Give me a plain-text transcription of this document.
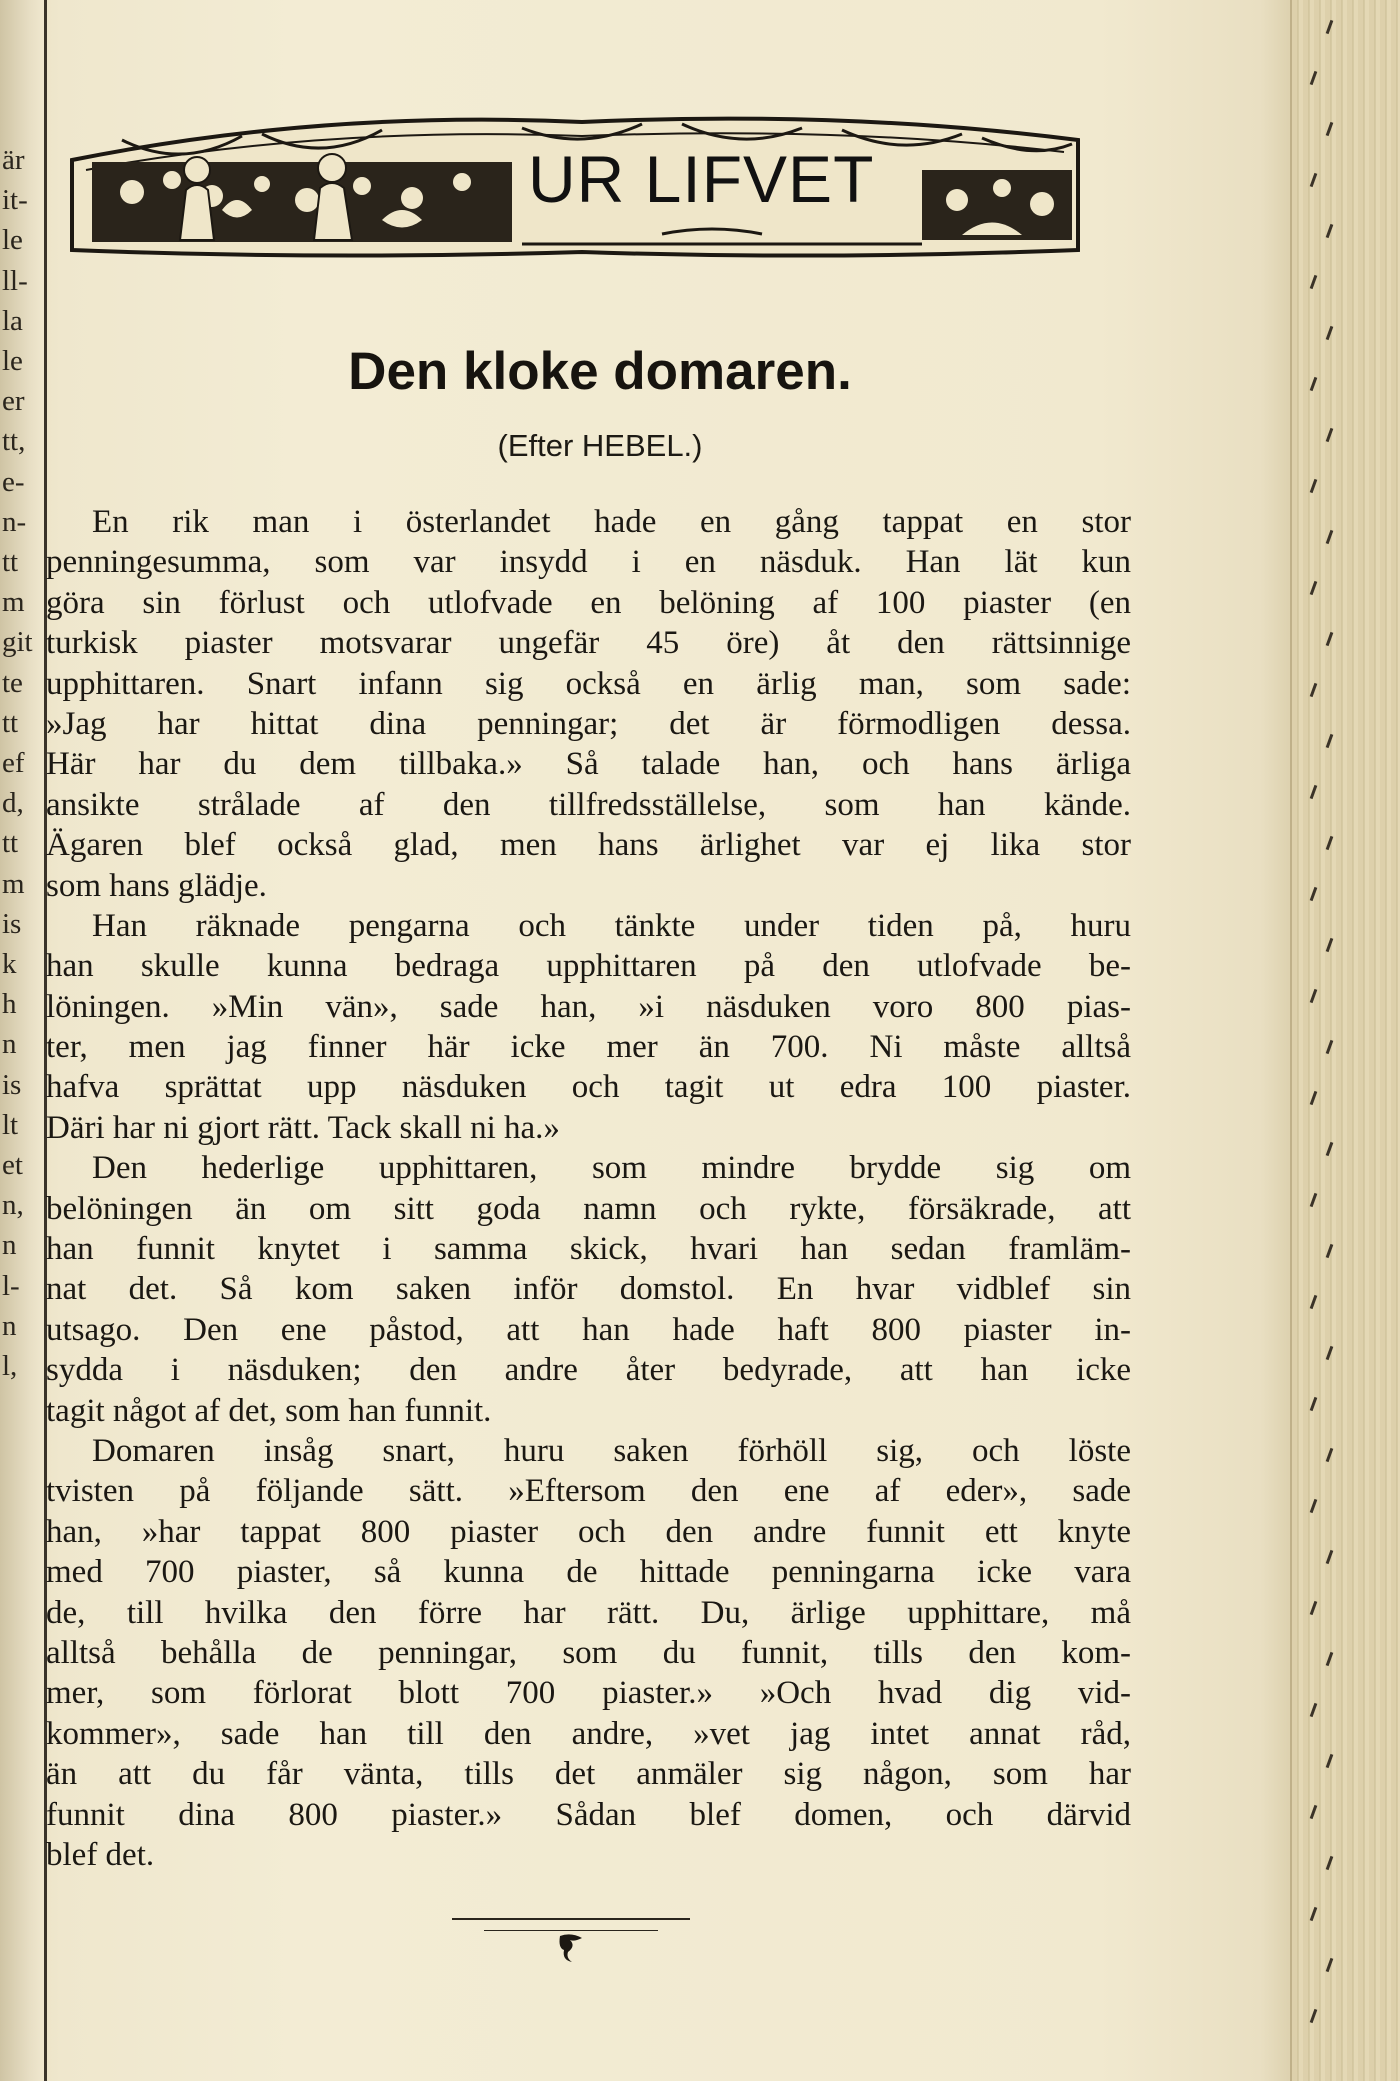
är
it-
le
ll-
la
le
er
tt,
e-
n-
tt
m
git
te
tt
ef
d,
tt
m
is
k
h
n
is
lt
et
n,
n
l-
n
l,
UR LIFVET
Den kloke domaren.
(Efter HEBEL.)
En rik man i österlandet hade en gång tappat en stor
penningesumma, som var insydd i en näsduk. Han lät kun
göra sin förlust och utlofvade en belöning af 100 piaster (en
turkisk piaster motsvarar ungefär 45 öre) åt den rättsinnige
upphittaren. Snart infann sig också en ärlig man, som sade:
»Jag har hittat dina penningar; det är förmodligen dessa.
Här har du dem tillbaka.» Så talade han, och hans ärliga
ansikte strålade af den tillfredsställelse, som han kände.
Ägaren blef också glad, men hans ärlighet var ej lika stor
som hans glädje.
Han räknade pengarna och tänkte under tiden på, huru
han skulle kunna bedraga upphittaren på den utlofvade be-
löningen. »Min vän», sade han, »i näsduken voro 800 pias-
ter, men jag finner här icke mer än 700. Ni måste alltså
hafva sprättat upp näsduken och tagit ut edra 100 piaster.
Däri har ni gjort rätt. Tack skall ni ha.»
Den hederlige upphittaren, som mindre brydde sig om
belöningen än om sitt goda namn och rykte, försäkrade, att
han funnit knytet i samma skick, hvari han sedan framläm-
nat det. Så kom saken inför domstol. En hvar vidblef sin
utsago. Den ene påstod, att han hade haft 800 piaster in-
sydda i näsduken; den andre åter bedyrade, att han icke
tagit något af det, som han funnit.
Domaren insåg snart, huru saken förhöll sig, och löste
tvisten på följande sätt. »Eftersom den ene af eder», sade
han, »har tappat 800 piaster och den andre funnit ett knyte
med 700 piaster, så kunna de hittade penningarna icke vara
de, till hvilka den förre har rätt. Du, ärlige upphittare, må
alltså behålla de penningar, som du funnit, tills den kom-
mer, som förlorat blott 700 piaster.» »Och hvad dig vid-
kommer», sade han till den andre, »vet jag intet annat råd,
än att du får vänta, tills det anmäler sig någon, som har
funnit dina 800 piaster.» Sådan blef domen, och därvid
blef det.
